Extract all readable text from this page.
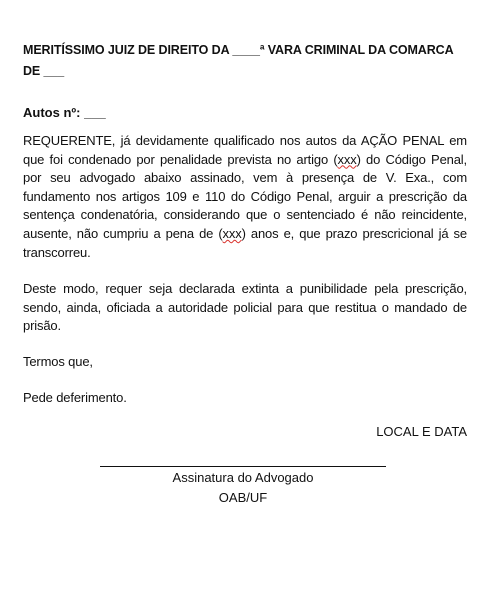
MERITÍSSIMO JUIZ DE DIREITO DA ____ª VARA CRIMINAL DA COMARCA DE ___

Autos nº: ___

REQUERENTE, já devidamente qualificado nos autos da AÇÃO PENAL em que foi condenado por penalidade prevista no artigo (xxx) do Código Penal, por seu advogado abaixo assinado, vem à presença de V. Exa., com fundamento nos artigos 109 e 110 do Código Penal, arguir a prescrição da sentença condenatória, considerando que o sentenciado é não reincidente, ausente, não cumpriu a pena de (xxx) anos e, que prazo prescricional já se transcorreu.

Deste modo, requer seja declarada extinta a punibilidade pela prescrição, sendo, ainda, oficiada a autoridade policial para que restitua o mandado de prisão.

Termos que,

Pede deferimento.

LOCAL E DATA
Assinatura do Advogado
OAB/UF
